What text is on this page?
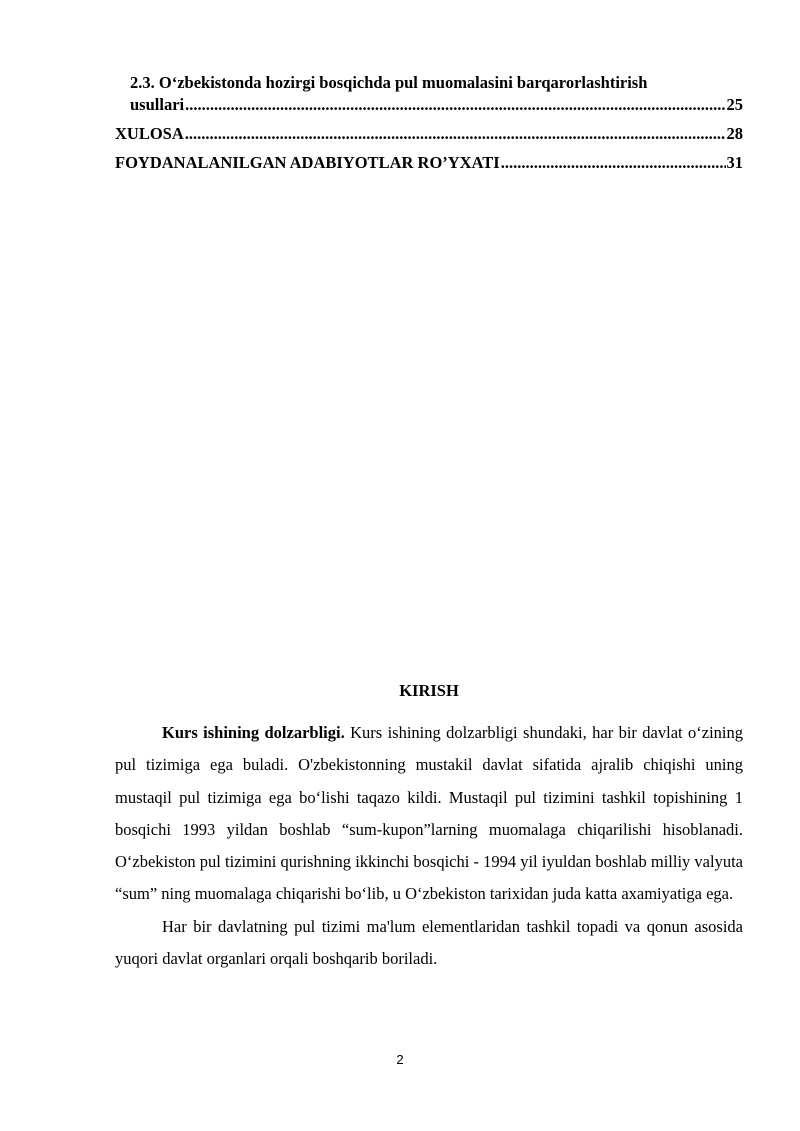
2.3. O‘zbekistonda hozirgi bosqichda pul muomalasini barqarorlashtirish
usullari .....	25
XULOSA .....	28
FOYDANALANILGAN ADABIYOTLAR RO’YXATI .....	31
KIRISH

Kurs ishining dolzarbligi. Kurs ishining dolzarbligi shundaki, har bir davlat o‘zining pul tizimiga ega buladi. O'zbekistonning mustakil davlat sifatida ajralib chiqishi uning mustaqil pul tizimiga ega bo‘lishi taqazo kildi. Mustaqil pul tizimini tashkil topishining 1 bosqichi 1993 yildan boshlab “sum-kupon”larning muomalaga chiqarilishi hisoblanadi. O‘zbekiston pul tizimini qurishning ikkinchi bosqichi - 1994 yil iyuldan boshlab milliy valyuta “sum” ning muomalaga chiqarishi bo‘lib, u O‘zbekiston tarixidan juda katta axamiyatiga ega.

Har bir davlatning pul tizimi ma'lum elementlaridan tashkil topadi va qonun asosida yuqori davlat organlari orqali boshqarib boriladi.

2
